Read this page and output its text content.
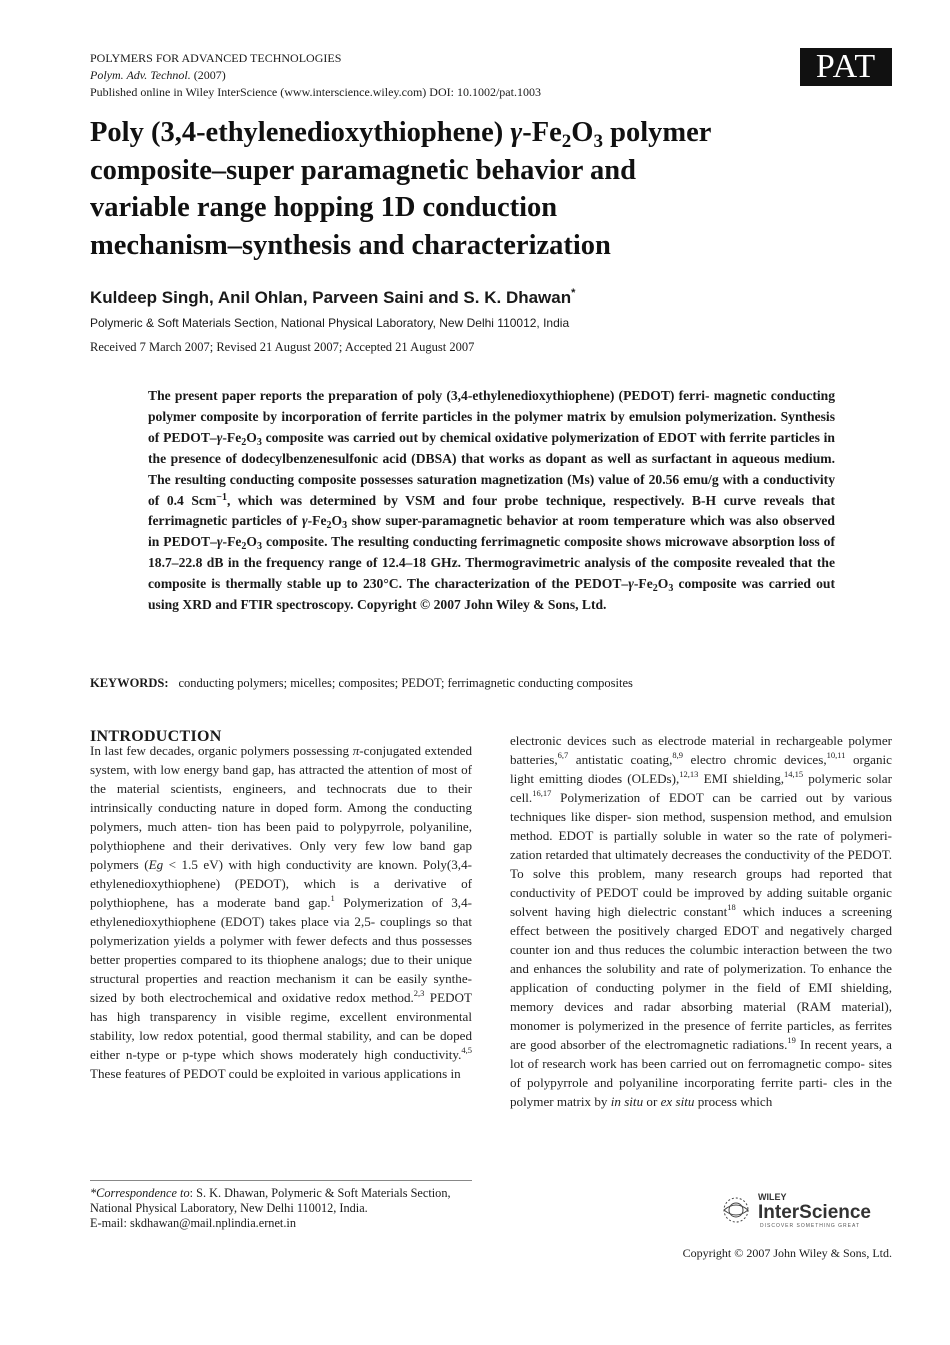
POLYMERS FOR ADVANCED TECHNOLOGIES
Polym. Adv. Technol. (2007)
Published online in Wiley InterScience (www.interscience.wiley.com) DOI: 10.1002/pat.1003
PAT
Poly (3,4-ethylenedioxythiophene) $\gamma-Fe_2O_3$ polymer
composite–super paramagnetic behavior and
variable range hopping 1D conduction
mechanism–synthesis and characterization
Kuldeep Singh, Anil Ohlan, Parveen Saini and S. K. Dhawan*
Polymeric & Soft Materials Section, National Physical Laboratory, New Delhi 110012, India
Received 7 March 2007; Revised 21 August 2007; Accepted 21 August 2007
The present paper reports the preparation of poly (3,4-ethylenedioxythiophene) (PEDOT) ferri- magnetic conducting polymer composite by incorporation of ferrite particles in the polymer matrix by emulsion polymerization. Synthesis of PEDOT–$\gamma-Fe_2O_3$ composite was carried out by chemical oxidative polymerization of EDOT with ferrite particles in the presence of dodecylbenzenesulfonic acid (DBSA) that works as dopant as well as surfactant in aqueous medium. The resulting conducting composite possesses saturation magnetization (Ms) value of 20.56 emu/g with a conductivity of 0.4 Scm$^{-1}$, which was determined by VSM and four probe technique, respectively. B-H curve reveals that ferrimagnetic particles of $\gamma-Fe_2O_3$ show super-paramagnetic behavior at room temperature which was also observed in PEDOT–$\gamma-Fe_2O_3$ composite. The resulting conducting ferrimagnetic composite shows microwave absorption loss of 18.7–22.8 dB in the frequency range of 12.4–18 GHz. Thermogravimetric analysis of the composite revealed that the composite is thermally stable up to 230°C. The characterization of the PEDOT–$\gamma-Fe_2O_3$ composite was carried out using XRD and FTIR spectroscopy. Copyright © 2007 John Wiley & Sons, Ltd.
KEYWORDS: conducting polymers; micelles; composites; PEDOT; ferrimagnetic conducting composites
INTRODUCTION
In last few decades, organic polymers possessing π-conjugated extended system, with low energy band gap, has attracted the attention of most of the material scientists, engineers, and technocrats due to their intrinsically conducting nature in doped form. Among the conducting polymers, much atten- tion has been paid to polypyrrole, polyaniline, polythiophene and their derivatives. Only very few low band gap polymers (Eg < 1.5 eV) with high conductivity are known. Poly(3,4- ethylenedioxythiophene) (PEDOT), which is a derivative of polythiophene, has a moderate band gap.$^1$ Polymerization of 3,4-ethylenedioxythiophene (EDOT) takes place via 2,5- couplings so that polymerization yields a polymer with fewer defects and thus possesses better properties compared to its thiophene analogs; due to their unique structural properties and reaction mechanism it can be easily synthe- sized by both electrochemical and oxidative redox method.$^{2,3}$ PEDOT has high transparency in visible regime, excellent environmental stability, low redox potential, good thermal stability, and can be doped either n-type or p-type which shows moderately high conductivity.$^{4,5}$ These features of PEDOT could be exploited in various applications in
electronic devices such as electrode material in rechargeable polymer batteries,$^{6,7}$ antistatic coating,$^{8,9}$ electro chromic devices,$^{10,11}$ organic light emitting diodes (OLEDs),$^{12,13}$ EMI shielding,$^{14,15}$ polymeric solar cell.$^{16,17}$ Polymerization of EDOT can be carried out by various techniques like disper- sion method, suspension method, and emulsion method. EDOT is partially soluble in water so the rate of polymeri- zation retarded that ultimately decreases the conductivity of the PEDOT. To solve this problem, many research groups had reported that conductivity of PEDOT could be improved by adding suitable organic solvent having high dielectric constant$^{18}$ which induces a screening effect between the positively charged EDOT and negatively charged counter ion and thus reduces the columbic interaction between the two and enhances the solubility and rate of polymerization. To enhance the application of conducting polymer in the field of EMI shielding, memory devices and radar absorbing material (RAM material), monomer is polymerized in the presence of ferrite particles, as ferrites are good absorber of the electromagnetic radiations.$^{19}$ In recent years, a lot of research work has been carried out on ferromagnetic compo- sites of polypyrrole and polyaniline incorporating ferrite parti- cles in the polymer matrix by in situ or ex situ process which
*Correspondence to: S. K. Dhawan, Polymeric & Soft Materials Section, National Physical Laboratory, New Delhi 110012, India.
E-mail: skdhawan@mail.nplindia.ernet.in
WILEY
InterScience
DISCOVER SOMETHING GREAT
Copyright © 2007 John Wiley & Sons, Ltd.
